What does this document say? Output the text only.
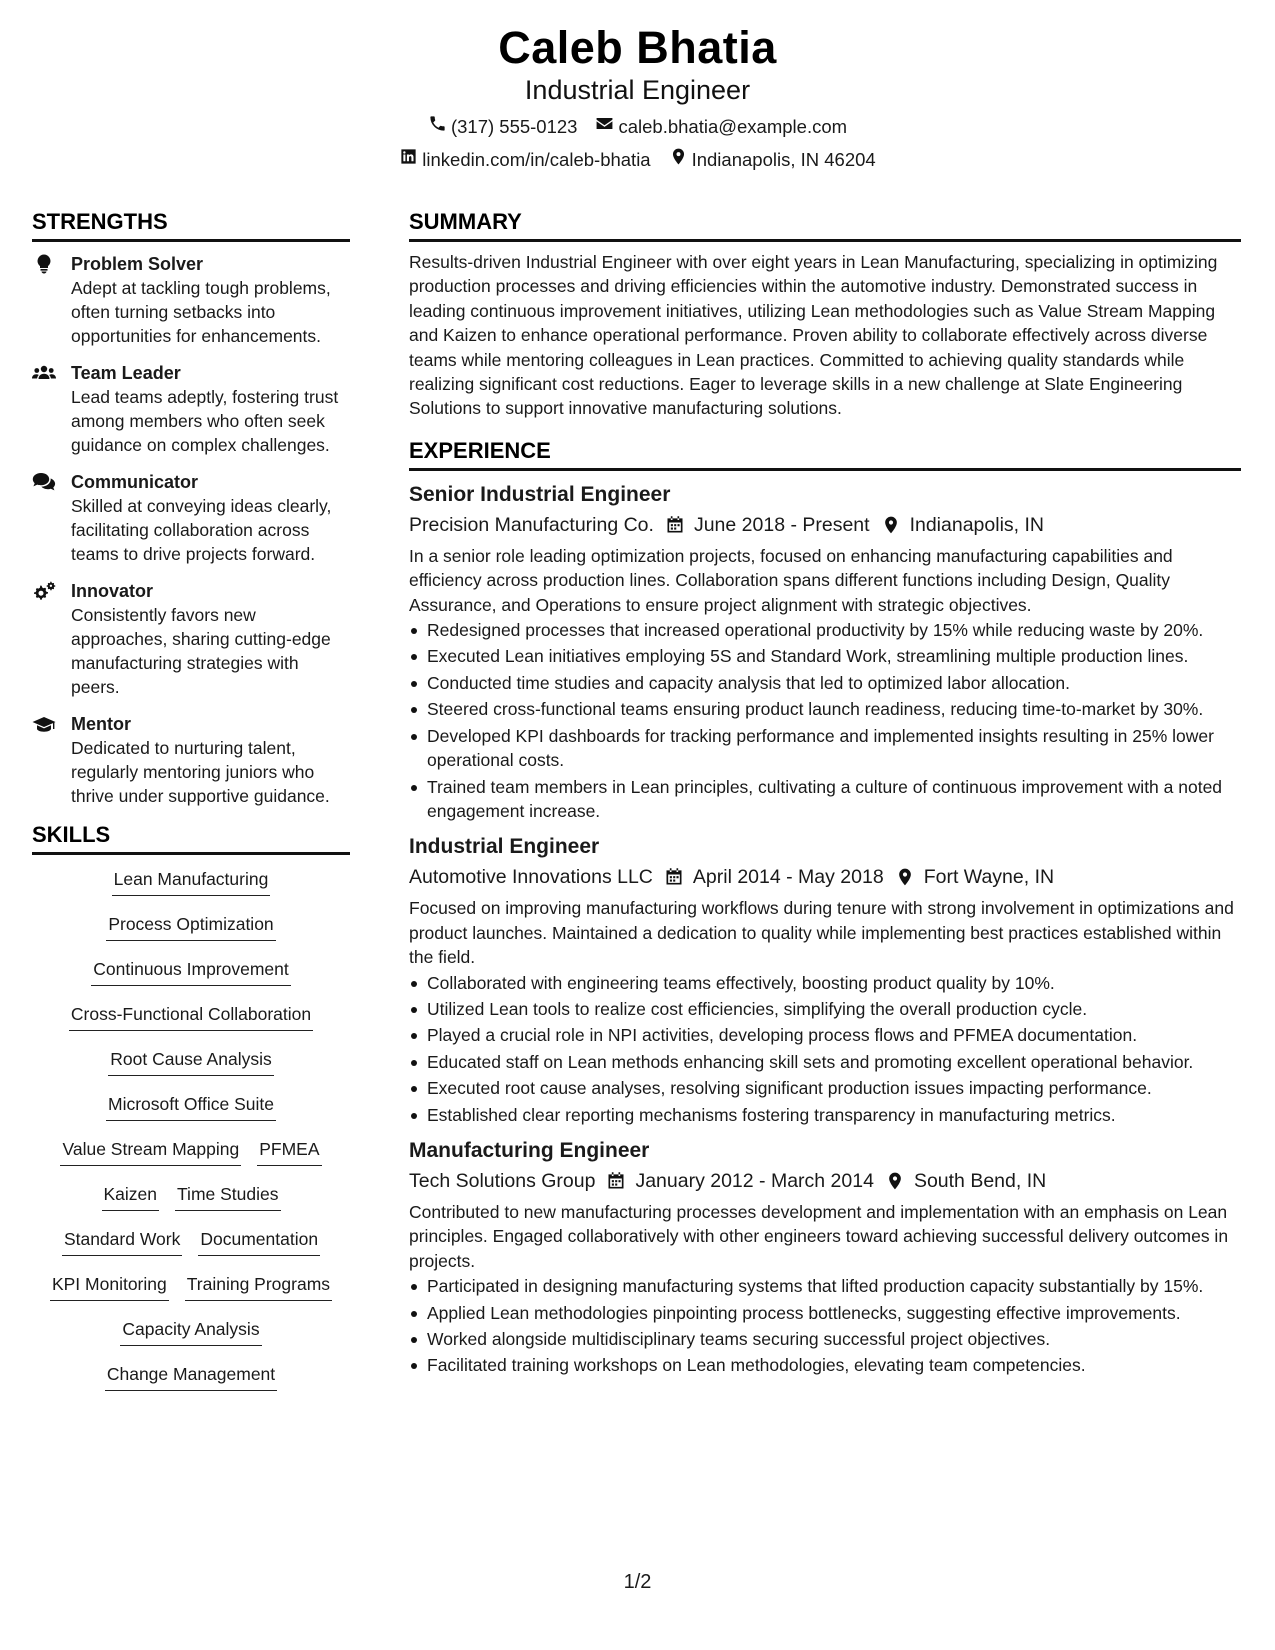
Caleb Bhatia
Industrial Engineer
(317) 555-0123 caleb.bhatia@example.com
linkedin.com/in/caleb-bhatia Indianapolis, IN 46204
STRENGTHS
Problem Solver
Adept at tackling tough problems, often turning setbacks into opportunities for enhancements.
Team Leader
Lead teams adeptly, fostering trust among members who often seek guidance on complex challenges.
Communicator
Skilled at conveying ideas clearly, facilitating collaboration across teams to drive projects forward.
Innovator
Consistently favors new approaches, sharing cutting-edge manufacturing strategies with peers.
Mentor
Dedicated to nurturing talent, regularly mentoring juniors who thrive under supportive guidance.
SKILLS
Lean Manufacturing
Process Optimization
Continuous Improvement
Cross-Functional Collaboration
Root Cause Analysis
Microsoft Office Suite
Value Stream Mapping PFMEA
Kaizen Time Studies
Standard Work Documentation
KPI Monitoring Training Programs
Capacity Analysis
Change Management
SUMMARY
Results-driven Industrial Engineer with over eight years in Lean Manufacturing, specializing in optimizing production processes and driving efficiencies within the automotive industry. Demonstrated success in leading continuous improvement initiatives, utilizing Lean methodologies such as Value Stream Mapping and Kaizen to enhance operational performance. Proven ability to collaborate effectively across diverse teams while mentoring colleagues in Lean practices. Committed to achieving quality standards while realizing significant cost reductions. Eager to leverage skills in a new challenge at Slate Engineering Solutions to support innovative manufacturing solutions.
EXPERIENCE
Senior Industrial Engineer
Precision Manufacturing Co. June 2018 - Present Indianapolis, IN
In a senior role leading optimization projects, focused on enhancing manufacturing capabilities and efficiency across production lines. Collaboration spans different functions including Design, Quality Assurance, and Operations to ensure project alignment with strategic objectives.
Redesigned processes that increased operational productivity by 15% while reducing waste by 20%.
Executed Lean initiatives employing 5S and Standard Work, streamlining multiple production lines.
Conducted time studies and capacity analysis that led to optimized labor allocation.
Steered cross-functional teams ensuring product launch readiness, reducing time-to-market by 30%.
Developed KPI dashboards for tracking performance and implemented insights resulting in 25% lower operational costs.
Trained team members in Lean principles, cultivating a culture of continuous improvement with a noted engagement increase.
Industrial Engineer
Automotive Innovations LLC April 2014 - May 2018 Fort Wayne, IN
Focused on improving manufacturing workflows during tenure with strong involvement in optimizations and product launches. Maintained a dedication to quality while implementing best practices established within the field.
Collaborated with engineering teams effectively, boosting product quality by 10%.
Utilized Lean tools to realize cost efficiencies, simplifying the overall production cycle.
Played a crucial role in NPI activities, developing process flows and PFMEA documentation.
Educated staff on Lean methods enhancing skill sets and promoting excellent operational behavior.
Executed root cause analyses, resolving significant production issues impacting performance.
Established clear reporting mechanisms fostering transparency in manufacturing metrics.
Manufacturing Engineer
Tech Solutions Group January 2012 - March 2014 South Bend, IN
Contributed to new manufacturing processes development and implementation with an emphasis on Lean principles. Engaged collaboratively with other engineers toward achieving successful delivery outcomes in projects.
Participated in designing manufacturing systems that lifted production capacity substantially by 15%.
Applied Lean methodologies pinpointing process bottlenecks, suggesting effective improvements.
Worked alongside multidisciplinary teams securing successful project objectives.
Facilitated training workshops on Lean methodologies, elevating team competencies.
1/2
